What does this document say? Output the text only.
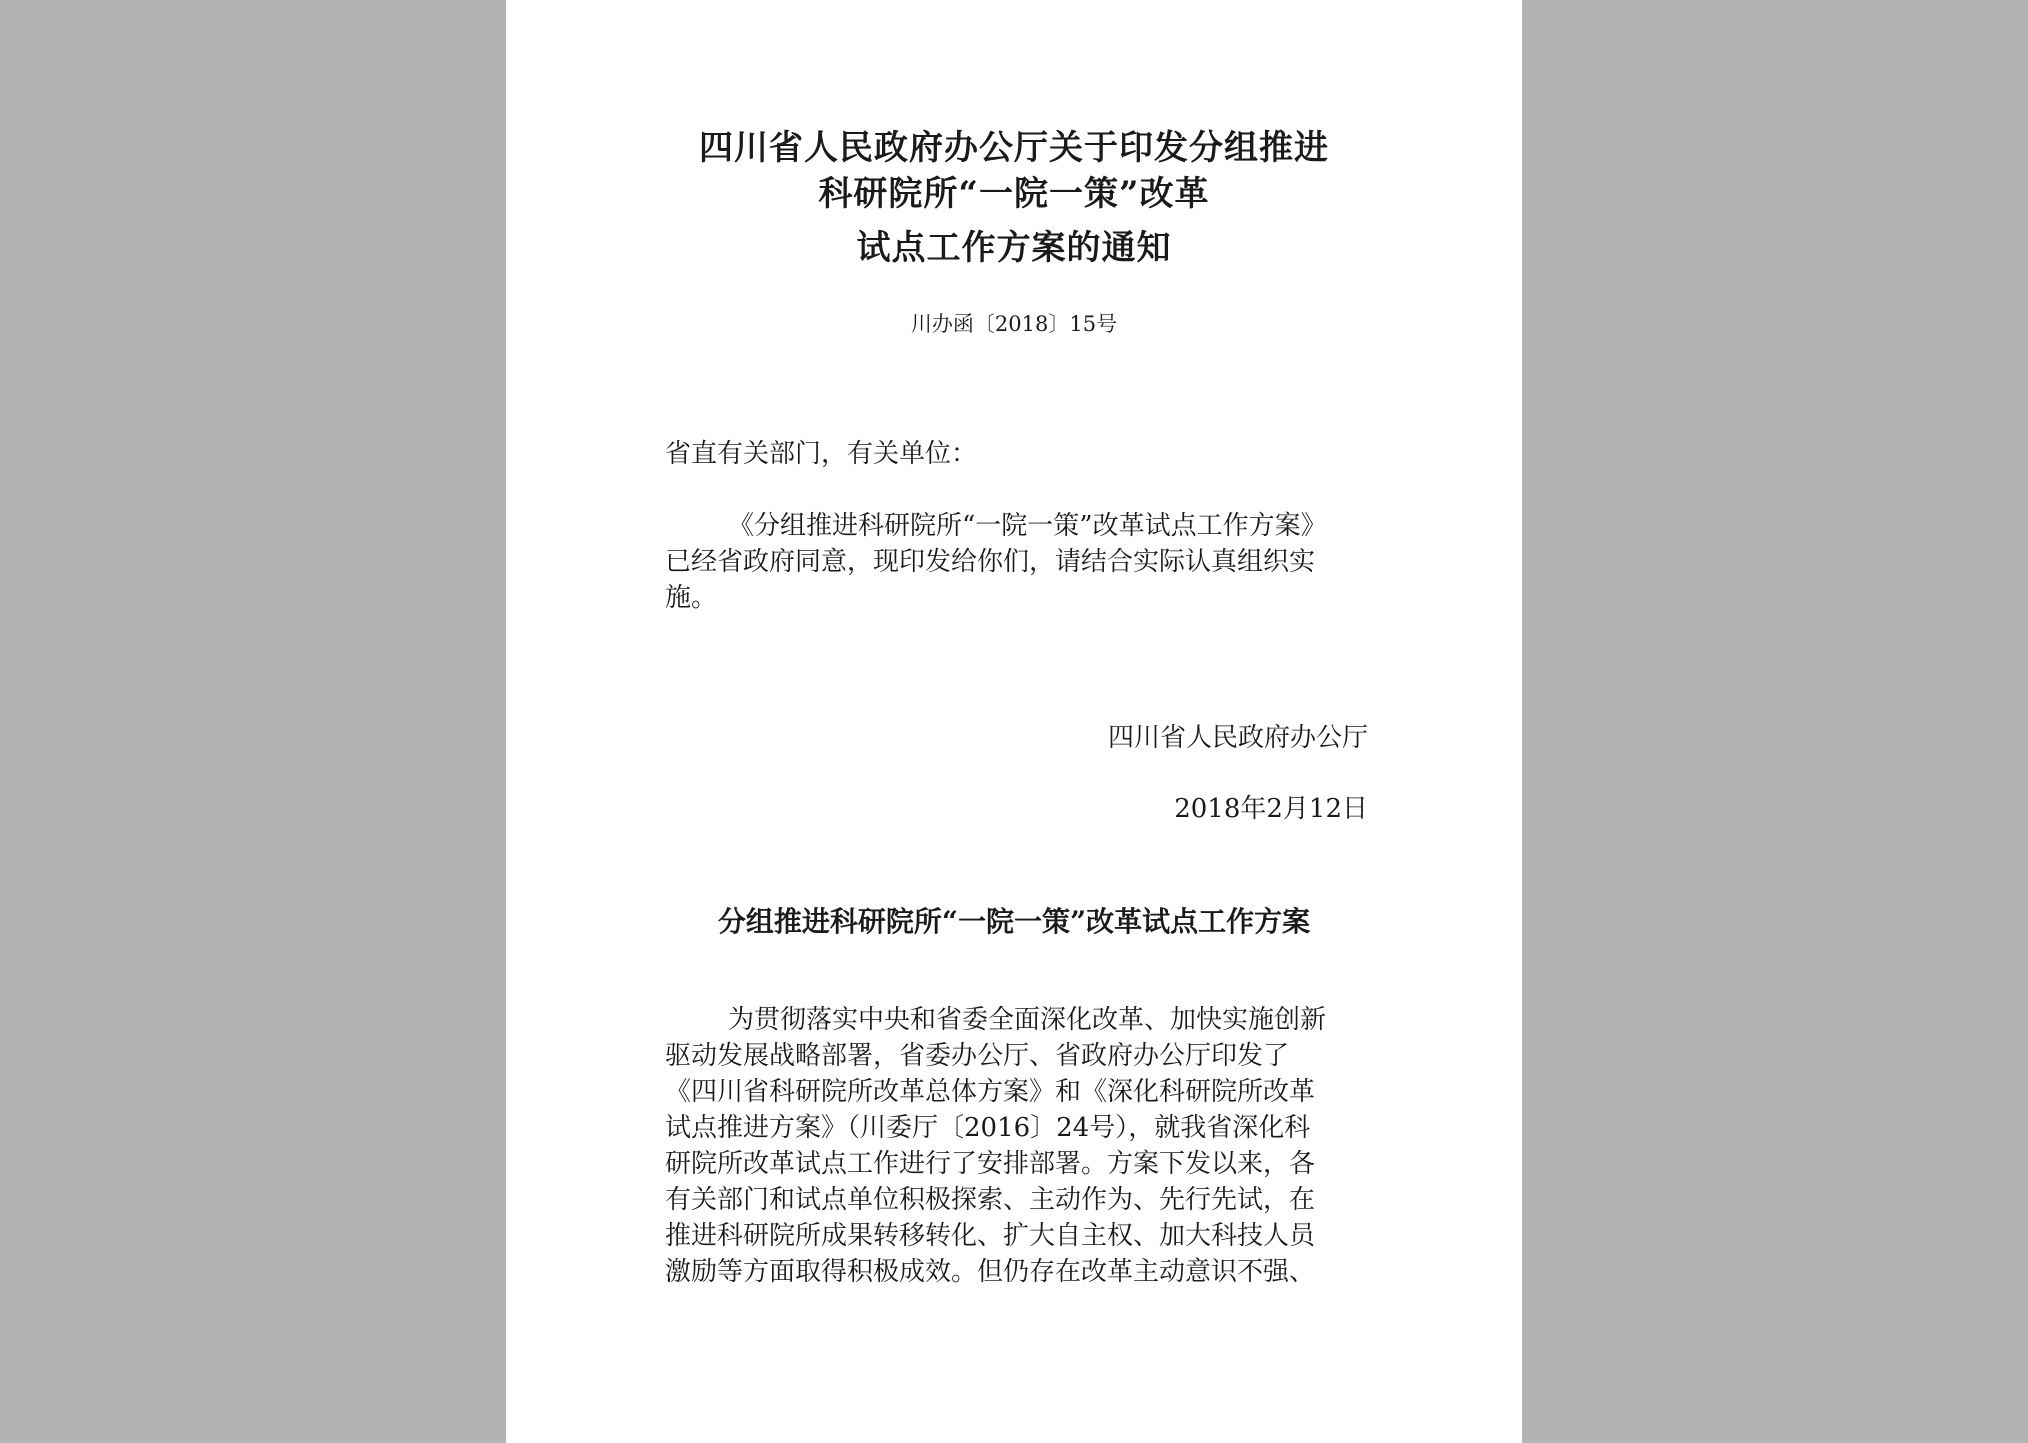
四川省人民政府办公厅关于印发分组推进
科研院所“一院一策”改革
试点工作方案的通知
川办函〔2018〕15号
省直有关部门，有关单位：
《分组推进科研院所“一院一策”改革试点工作方案》
已经省政府同意，现印发给你们，请结合实际认真组织实
施。
四川省人民政府办公厅
2018年2月12日
分组推进科研院所“一院一策”改革试点工作方案
为贯彻落实中央和省委全面深化改革、加快实施创新
驱动发展战略部署，省委办公厅、省政府办公厅印发了
《四川省科研院所改革总体方案》和《深化科研院所改革
试点推进方案》（川委厅〔2016〕24号），就我省深化科
研院所改革试点工作进行了安排部署。方案下发以来，各
有关部门和试点单位积极探索、主动作为、先行先试，在
推进科研院所成果转移转化、扩大自主权、加大科技人员
激励等方面取得积极成效。但仍存在改革主动意识不强、
